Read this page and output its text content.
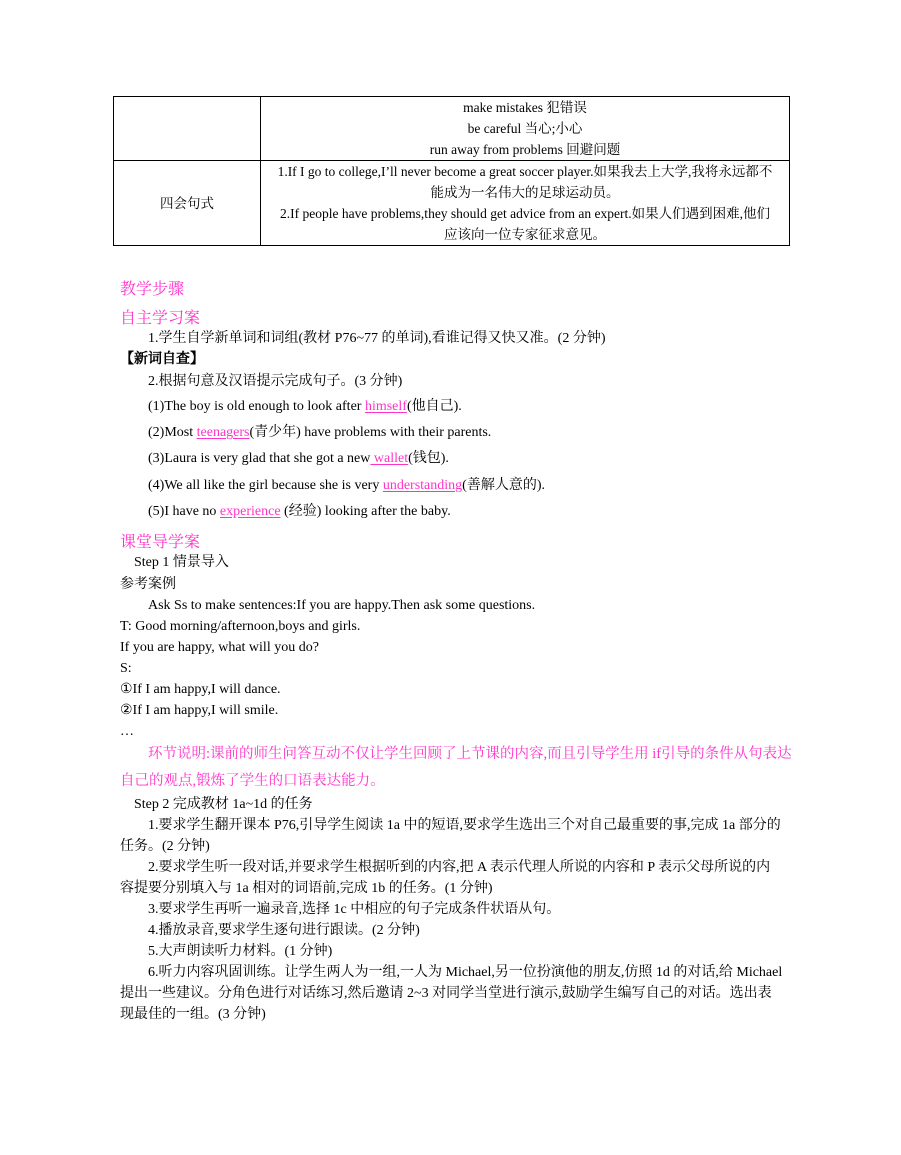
	make mistakes 犯错误
be careful 当心;小心
run away from problems 回避问题

四会句式	1.If I go to college,I’ll never become a great soccer player.如果我去上大学,我将永远都不
能成为一名伟大的足球运动员。
2.If people have problems,they should get advice from an expert.如果人们遇到困难,他们
应该向一位专家征求意见。
教学步骤
自主学习案
1.学生自学新单词和词组(教材 P76~77 的单词),看谁记得又快又准。(2 分钟)
【新词自查】
2.根据句意及汉语提示完成句子。(3 分钟)
(1)The boy is old enough to look after himself(他自己).
(2)Most teenagers(青少年) have problems with their parents.
(3)Laura is very glad that she got a new wallet(钱包).
(4)We all like the girl because she is very understanding(善解人意的).
(5)I have no experience (经验) looking after the baby.
课堂导学案
Step 1 情景导入
参考案例
Ask Ss to make sentences:If you are happy.Then ask some questions.
T: Good morning/afternoon,boys and girls.
If you are happy, what will you do?
S:
①If I am happy,I will dance.
②If I am happy,I will smile.
…
环节说明:课前的师生问答互动不仅让学生回顾了上节课的内容,而且引导学生用 if引导的条件从句表达
自己的观点,锻炼了学生的口语表达能力。
Step 2 完成教材 1a~1d 的任务
1.要求学生翻开课本 P76,引导学生阅读 1a 中的短语,要求学生选出三个对自己最重要的事,完成 1a 部分的
任务。(2 分钟)
2.要求学生听一段对话,并要求学生根据听到的内容,把 A 表示代理人所说的内容和 P 表示父母所说的内
容提要分别填入与 1a 相对的词语前,完成 1b 的任务。(1 分钟)
3.要求学生再听一遍录音,选择 1c 中相应的句子完成条件状语从句。
4.播放录音,要求学生逐句进行跟读。(2 分钟)
5.大声朗读听力材料。(1 分钟)
6.听力内容巩固训练。让学生两人为一组,一人为 Michael,另一位扮演他的朋友,仿照 1d 的对话,给 Michael
提出一些建议。分角色进行对话练习,然后邀请 2~3 对同学当堂进行演示,鼓励学生编写自己的对话。选出表
现最佳的一组。(3 分钟)
